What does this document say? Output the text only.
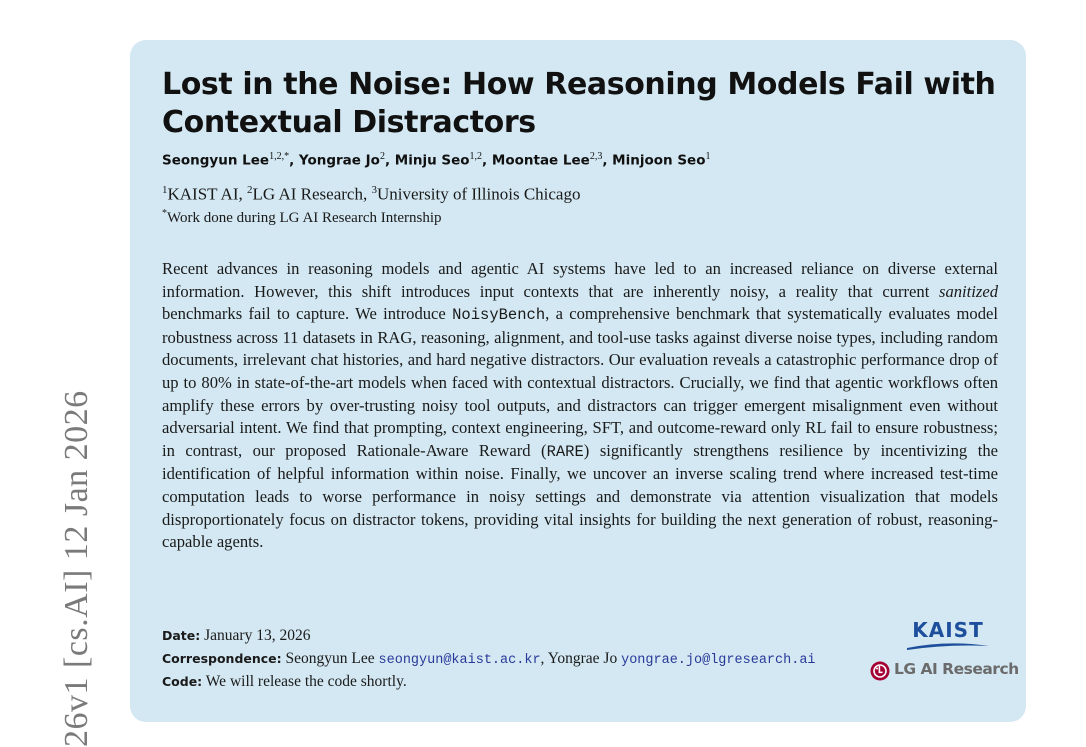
26v1 [cs.AI] 12 Jan 2026
Lost in the Noise: How Reasoning Models Fail with Contextual Distractors
Seongyun Lee$^{1,2,*}$, Yongrae Jo$^2$, Minju Seo$^{1,2}$, Moontae Lee$^{2,3}$, Minjoon Seo$^1$
$^1$KAIST AI, $^2$LG AI Research, $^3$University of Illinois Chicago
*Work done during LG AI Research Internship
Recent advances in reasoning models and agentic AI systems have led to an increased reliance on diverse external information. However, this shift introduces input contexts that are inherently noisy, a reality that current sanitized benchmarks fail to capture. We introduce NoisyBench, a comprehensive benchmark that systematically evaluates model robustness across 11 datasets in RAG, reasoning, alignment, and tool-use tasks against diverse noise types, including random documents, irrelevant chat histories, and hard negative distractors. Our evaluation reveals a catastrophic performance drop of up to 80% in state-of-the-art models when faced with contextual distractors. Crucially, we find that agentic workflows often amplify these errors by over-trusting noisy tool outputs, and distractors can trigger emergent misalignment even without adversarial intent. We find that prompting, context engineering, SFT, and outcome-reward only RL fail to ensure robustness; in contrast, our proposed Rationale-Aware Reward (RARE) significantly strengthens resilience by incentivizing the identification of helpful information within noise. Finally, we uncover an inverse scaling trend where increased test-time computation leads to worse performance in noisy settings and demonstrate via attention visualization that models disproportionately focus on distractor tokens, providing vital insights for building the next generation of robust, reasoning-capable agents.
Date: January 13, 2026
Correspondence: Seongyun Lee seongyun@kaist.ac.kr, Yongrae Jo yongrae.jo@lgresearch.ai
Code: We will release the code shortly.
KAIST
LG AI Research
